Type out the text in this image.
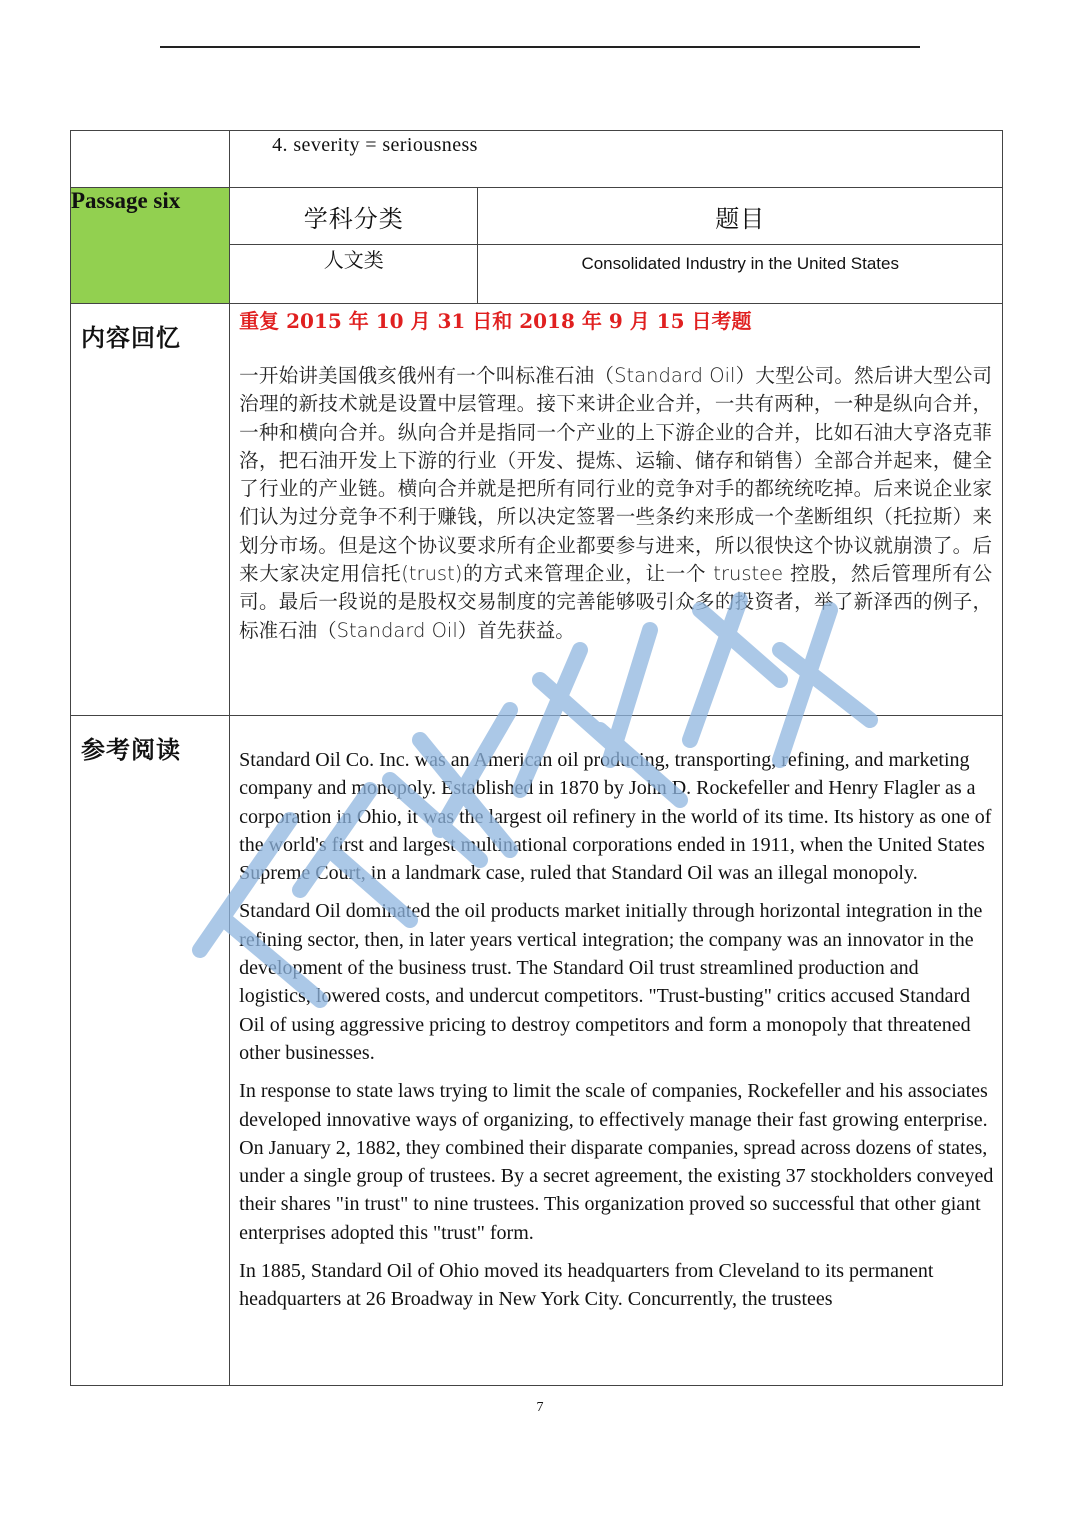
	4. severity = seriousness	

Passage six	学科分类	题目

	人文类	Consolidated Industry in the United States

内容回忆	重复 2015 年 10 月 31 日和 2018 年 9 月 15 日考题
一开始讲美国俄亥俄州有一个叫标准石油（Standard Oil）大型公司。然后讲大型公司治理的新技术就是设置中层管理。接下来讲企业合并，一共有两种，一种是纵向合并，一种和横向合并。纵向合并是指同一个产业的上下游企业的合并，比如石油大亨洛克菲洛，把石油开发上下游的行业（开发、提炼、运输、储存和销售）全部合并起来，健全了行业的产业链。横向合并就是把所有同行业的竞争对手的都统统吃掉。后来说企业家们认为过分竞争不利于赚钱，所以决定签署一些条约来形成一个垄断组织（托拉斯）来划分市场。但是这个协议要求所有企业都要参与进来，所以很快这个协议就崩溃了。后来大家决定用信托(trust)的方式来管理企业，让一个 trustee 控股，然后管理所有公司。最后一段说的是股权交易制度的完善能够吸引众多的投资者，举了新泽西的例子，标准石油（Standard Oil）首先获益。	

参考阅读	Standard Oil Co. Inc. was an American oil producing, transporting, refining, and marketing company and monopoly. Established in 1870 by John D. Rockefeller and Henry Flagler as a corporation in Ohio, it was the largest oil refinery in the world of its time. Its history as one of the world's first and largest multinational corporations ended in 1911, when the United States Supreme Court, in a landmark case, ruled that Standard Oil was an illegal monopoly.

Standard Oil dominated the oil products market initially through horizontal integration in the refining sector, then, in later years vertical integration; the company was an innovator in the development of the business trust. The Standard Oil trust streamlined production and logistics, lowered costs, and undercut competitors. "Trust-busting" critics accused Standard Oil of using aggressive pricing to destroy competitors and form a monopoly that threatened other businesses.

In response to state laws trying to limit the scale of companies, Rockefeller and his associates developed innovative ways of organizing, to effectively manage their fast growing enterprise. On January 2, 1882, they combined their disparate companies, spread across dozens of states, under a single group of trustees. By a secret agreement, the existing 37 stockholders conveyed their shares "in trust" to nine trustees. This organization proved so successful that other giant enterprises adopted this "trust" form.

In 1885, Standard Oil of Ohio moved its headquarters from Cleveland to its permanent headquarters at 26 Broadway in New York City. Concurrently, the trustees	

7
